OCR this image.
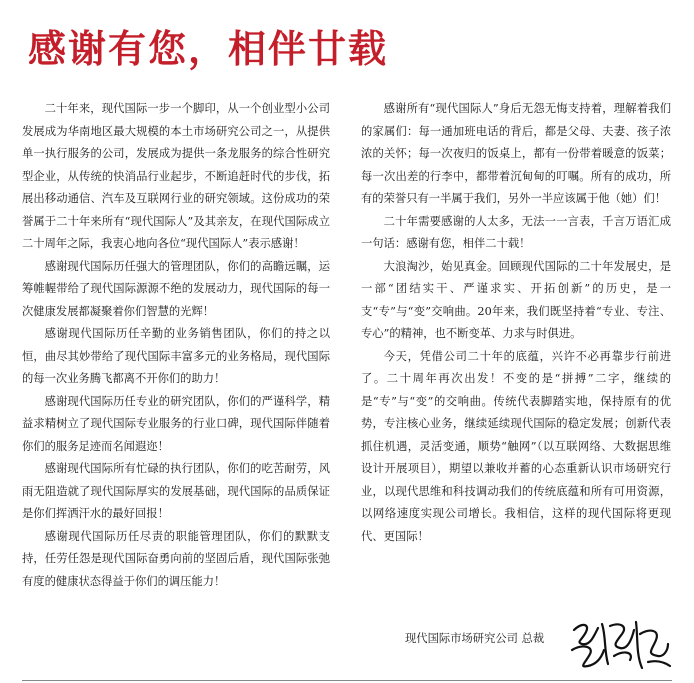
感谢有您，相伴廿载

二十年来，现代国际一步一个脚印，从一个创业型小公司发展成为华南地区最大规模的本土市场研究公司之一，从提供单一执行服务的公司，发展成为提供一条龙服务的综合性研究型企业，从传统的快消品行业起步，不断追赶时代的步伐，拓展出移动通信、汽车及互联网行业的研究领域。这份成功的荣誉属于二十年来所有“现代国际人”及其亲友，在现代国际成立二十周年之际，我衷心地向各位“现代国际人”表示感谢！

感谢现代国际历任强大的管理团队，你们的高瞻远瞩，运筹帷幄带给了现代国际源源不绝的发展动力，现代国际的每一次健康发展都凝聚着你们智慧的光辉！

感谢现代国际历任辛勤的业务销售团队，你们的持之以恒，曲尽其妙带给了现代国际丰富多元的业务格局，现代国际的每一次业务腾飞都离不开你们的助力！

感谢现代国际历任专业的研究团队，你们的严谨科学，精益求精树立了现代国际专业服务的行业口碑，现代国际伴随着你们的服务足迹而名闻遐迩！

感谢现代国际所有忙碌的执行团队，你们的吃苦耐劳，风雨无阻造就了现代国际厚实的发展基础，现代国际的品质保证是你们挥洒汗水的最好回报！

感谢现代国际历任尽责的职能管理团队，你们的默默支持，任劳任怨是现代国际奋勇向前的坚固后盾，现代国际张弛有度的健康状态得益于你们的调压能力！

感谢所有“现代国际人”身后无怨无悔支持着，理解着我们的家属们：每一通加班电话的背后，都是父母、夫妻、孩子浓浓的关怀；每一次夜归的饭桌上，都有一份带着暖意的饭菜；每一次出差的行李中，都带着沉甸甸的叮嘱。所有的成功，所有的荣誉只有一半属于我们，另外一半应该属于他（她）们！

二十年需要感谢的人太多，无法一一言表，千言万语汇成一句话：感谢有您，相伴二十载！

大浪淘沙，始见真金。回顾现代国际的二十年发展史，是一部“团结实干、严谨求实、开拓创新”的历史，是一支“专”与“变”交响曲。20年来，我们既坚持着“专业、专注、专心”的精神，也不断变革、力求与时俱进。

今天，凭借公司二十年的底蕴，兴许不必再靠步行前进了。二十周年再次出发！不变的是“拼搏”二字，继续的是“专”与“变”的交响曲。传统代表脚踏实地，保持原有的优势，专注核心业务，继续延续现代国际的稳定发展；创新代表抓住机遇，灵活变通，顺势“触网”（以互联网络、大数据思维设计开展项目），期望以兼收并蓄的心态重新认识市场研究行业，以现代思维和科技调动我们的传统底蕴和所有可用资源，以网络速度实现公司增长。我相信，这样的现代国际将更现代、更国际！

现代国际市场研究公司 总裁
